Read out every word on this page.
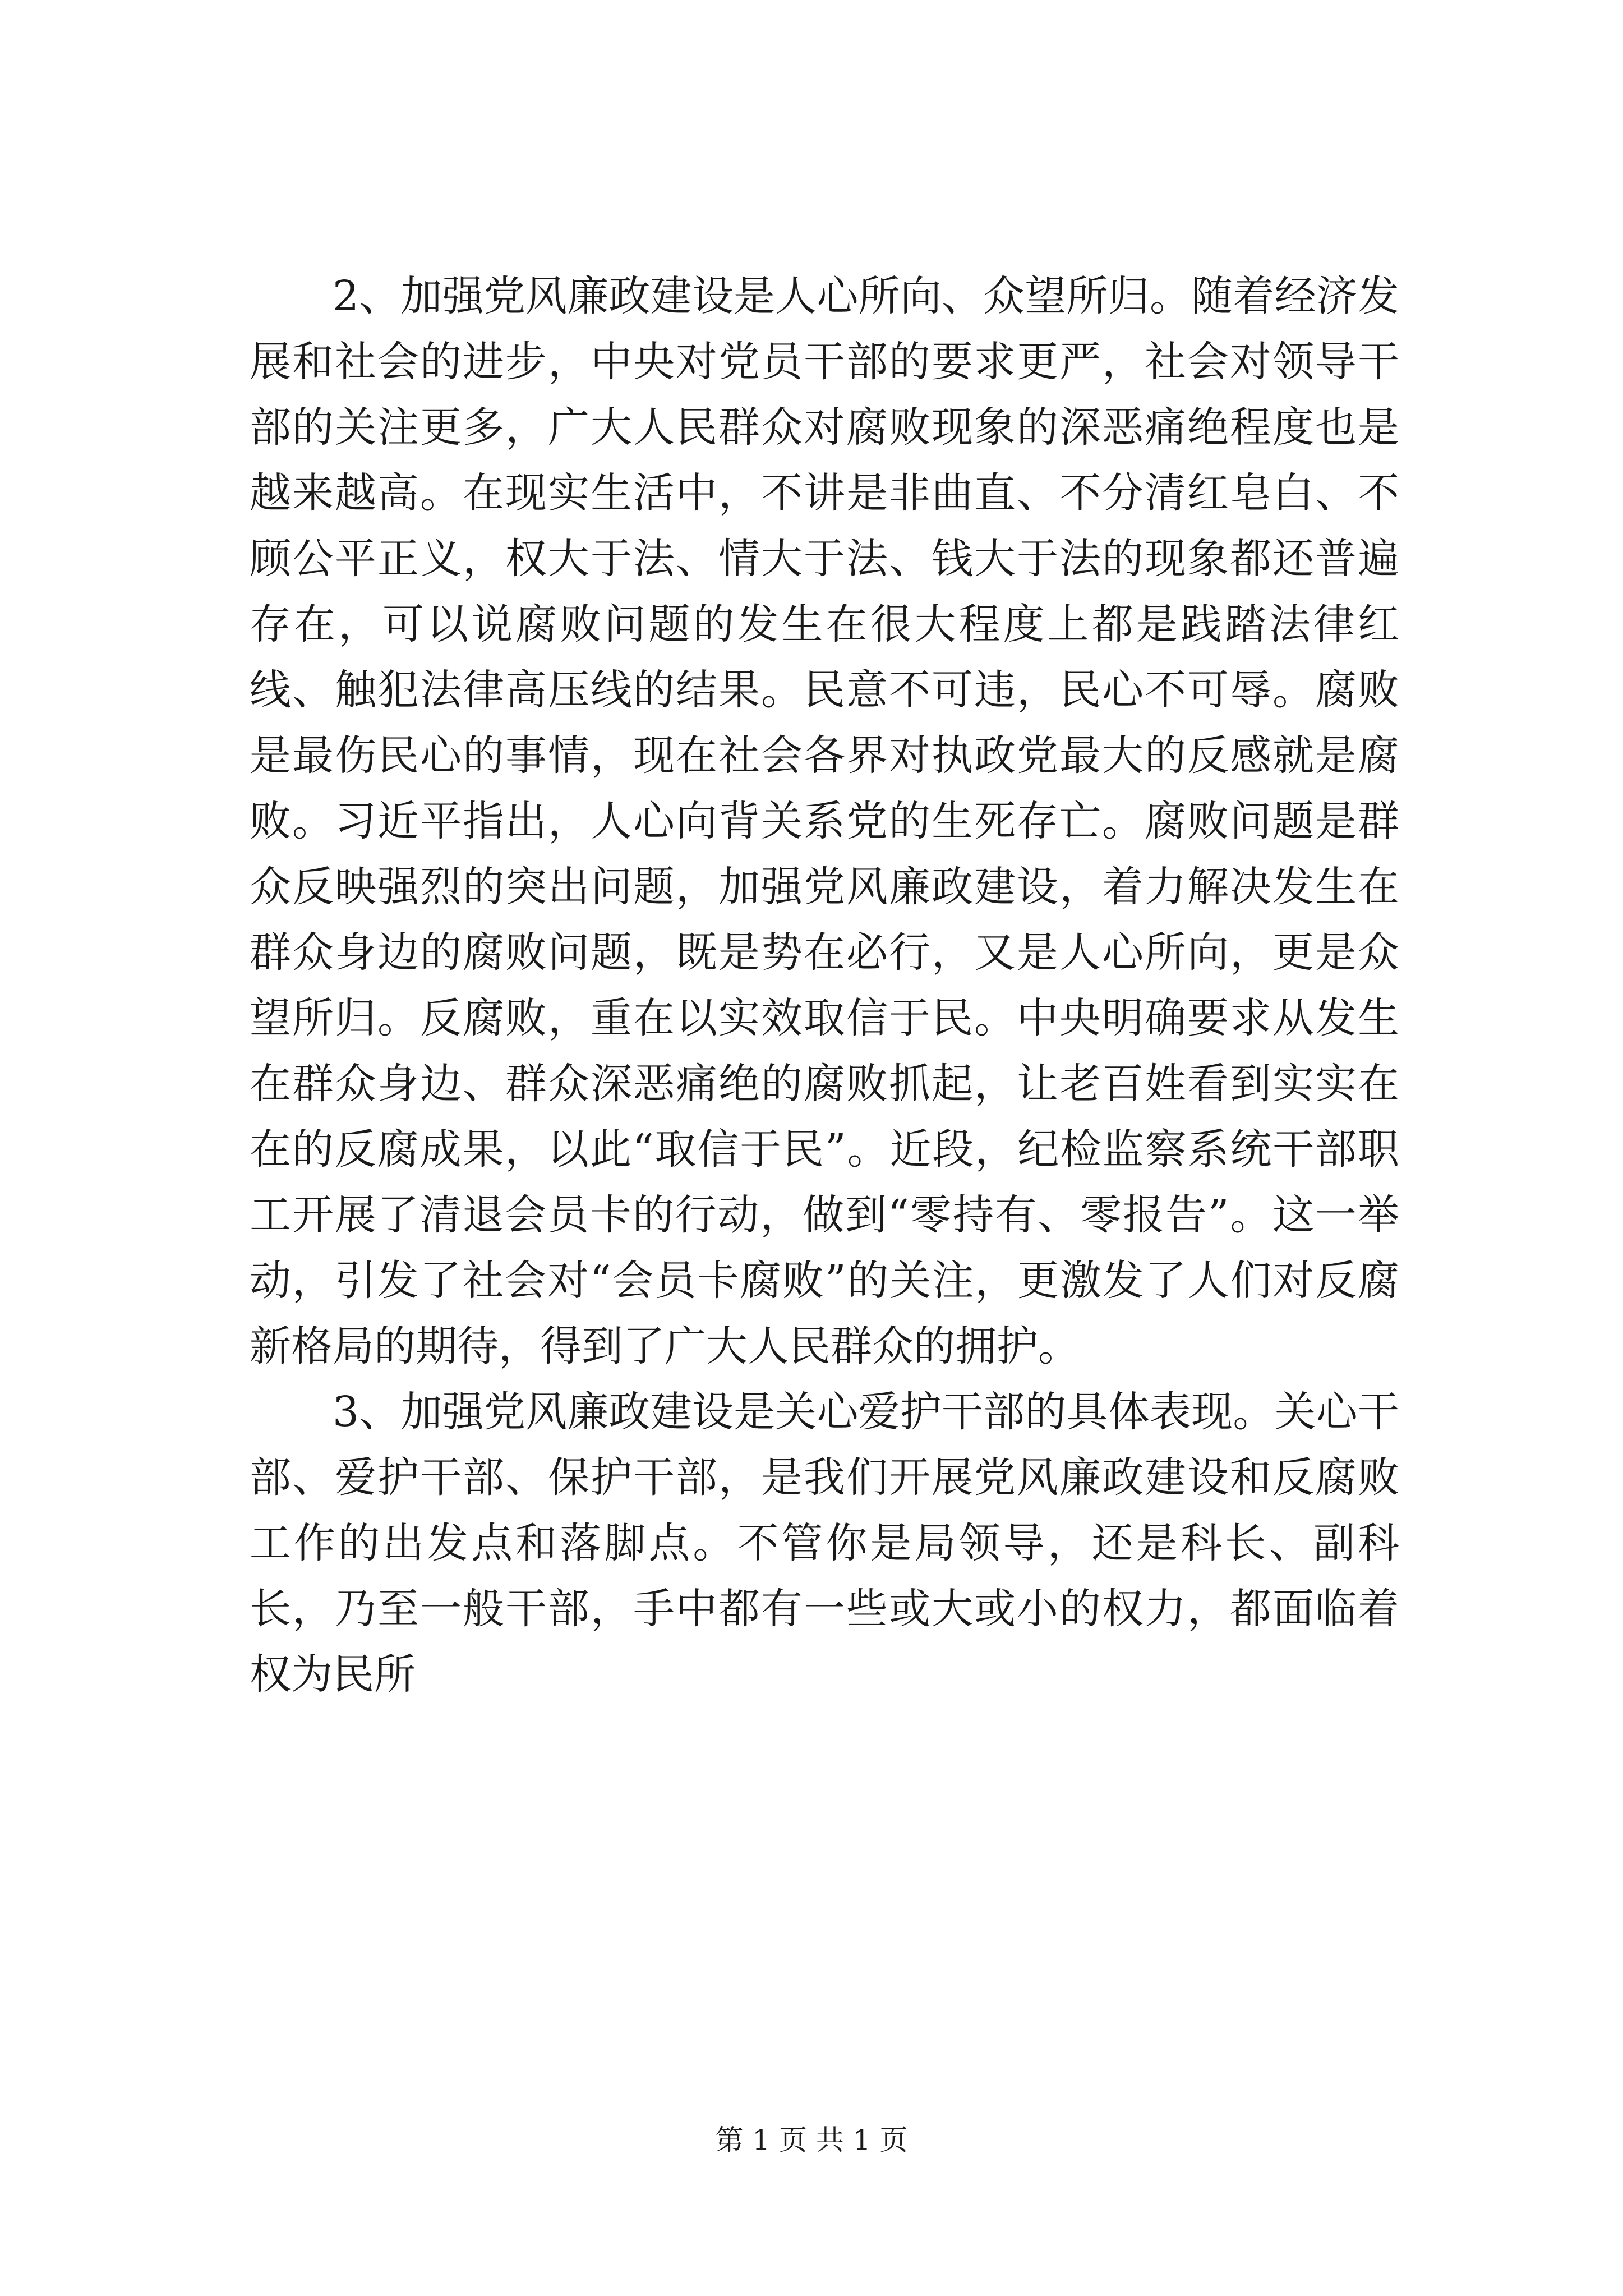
2、加强党风廉政建设是人心所向、众望所归。随着经济发展和社会的进步，中央对党员干部的要求更严，社会对领导干部的关注更多，广大人民群众对腐败现象的深恶痛绝程度也是越来越高。在现实生活中，不讲是非曲直、不分清红皂白、不顾公平正义，权大于法、情大于法、钱大于法的现象都还普遍存在，可以说腐败问题的发生在很大程度上都是践踏法律红线、触犯法律高压线的结果。民意不可违，民心不可辱。腐败是最伤民心的事情，现在社会各界对执政党最大的反感就是腐败。习近平指出，人心向背关系党的生死存亡。腐败问题是群众反映强烈的突出问题，加强党风廉政建设，着力解决发生在群众身边的腐败问题，既是势在必行，又是人心所向，更是众望所归。反腐败，重在以实效取信于民。中央明确要求从发生在群众身边、群众深恶痛绝的腐败抓起，让老百姓看到实实在在的反腐成果，以此“取信于民”。近段，纪检监察系统干部职工开展了清退会员卡的行动，做到“零持有、零报告”。这一举动，引发了社会对“会员卡腐败”的关注，更激发了人们对反腐新格局的期待，得到了广大人民群众的拥护。

3、加强党风廉政建设是关心爱护干部的具体表现。关心干部、爱护干部、保护干部，是我们开展党风廉政建设和反腐败工作的出发点和落脚点。不管你是局领导，还是科长、副科长，乃至一般干部，手中都有一些或大或小的权力，都面临着权为民所

第 1 页 共 1 页
